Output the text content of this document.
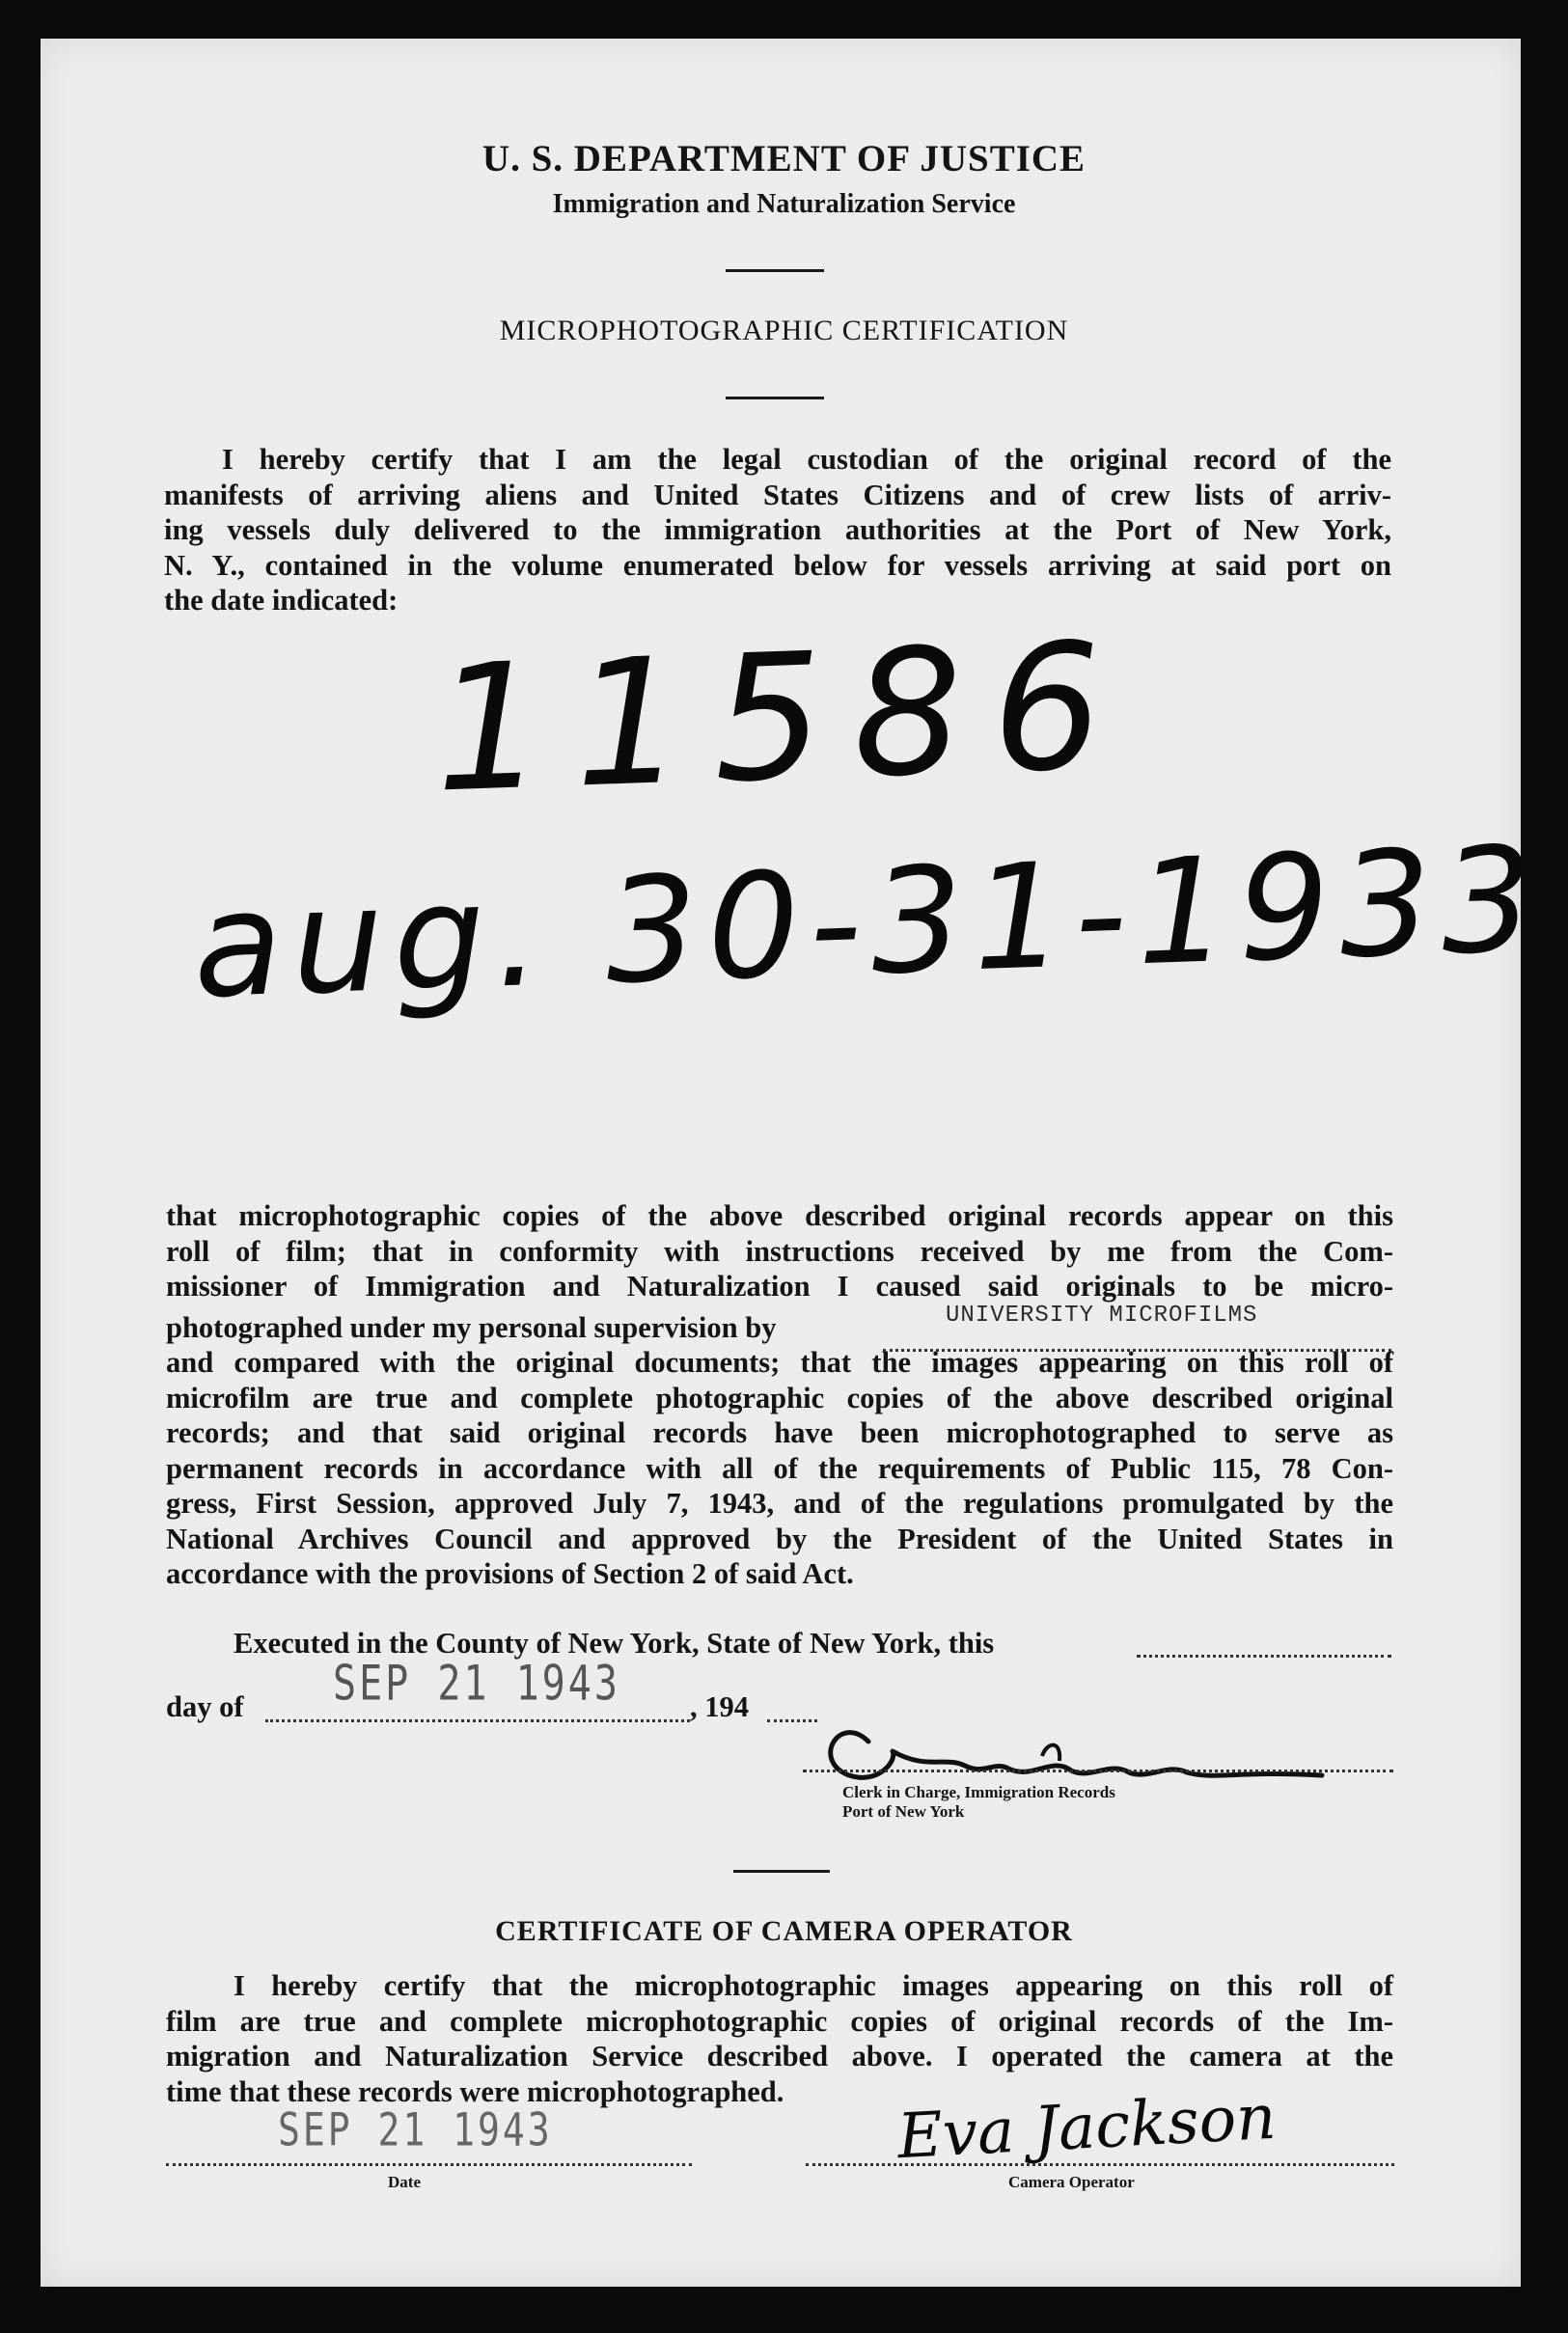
U. S. DEPARTMENT OF JUSTICE
Immigration and Naturalization Service
MICROPHOTOGRAPHIC CERTIFICATION
I hereby certify that I am the legal custodian of the original record of the
manifests of arriving aliens and United States Citizens and of crew lists of arriv-
ing vessels duly delivered to the immigration authorities at the Port of New York,
N. Y., contained in the volume enumerated below for vessels arriving at said port on
the date indicated:
11586
aug. 30-31-1933
that microphotographic copies of the above described original records appear on this
roll of film; that in conformity with instructions received by me from the Com-
missioner of Immigration and Naturalization I caused said originals to be micro-
photographed under my personal supervision by
and compared with the original documents; that the images appearing on this roll of
microfilm are true and complete photographic copies of the above described original
records; and that said original records have been microphotographed to serve as
permanent records in accordance with all of the requirements of Public 115, 78 Con-
gress, First Session, approved July 7, 1943, and of the regulations promulgated by the
National Archives Council and approved by the President of the United States in
accordance with the provisions of Section 2 of said Act.
UNIVERSITY MICROFILMS
Executed in the County of New York, State of New York, this
day of SEP 21 1943 , 194
Clerk in Charge, Immigration Records
Port of New York
CERTIFICATE OF CAMERA OPERATOR
I hereby certify that the microphotographic images appearing on this roll of
film are true and complete microphotographic copies of original records of the Im-
migration and Naturalization Service described above. I operated the camera at the
time that these records were microphotographed.
SEP 21 1943
Date
Eva Jackson
Camera Operator
